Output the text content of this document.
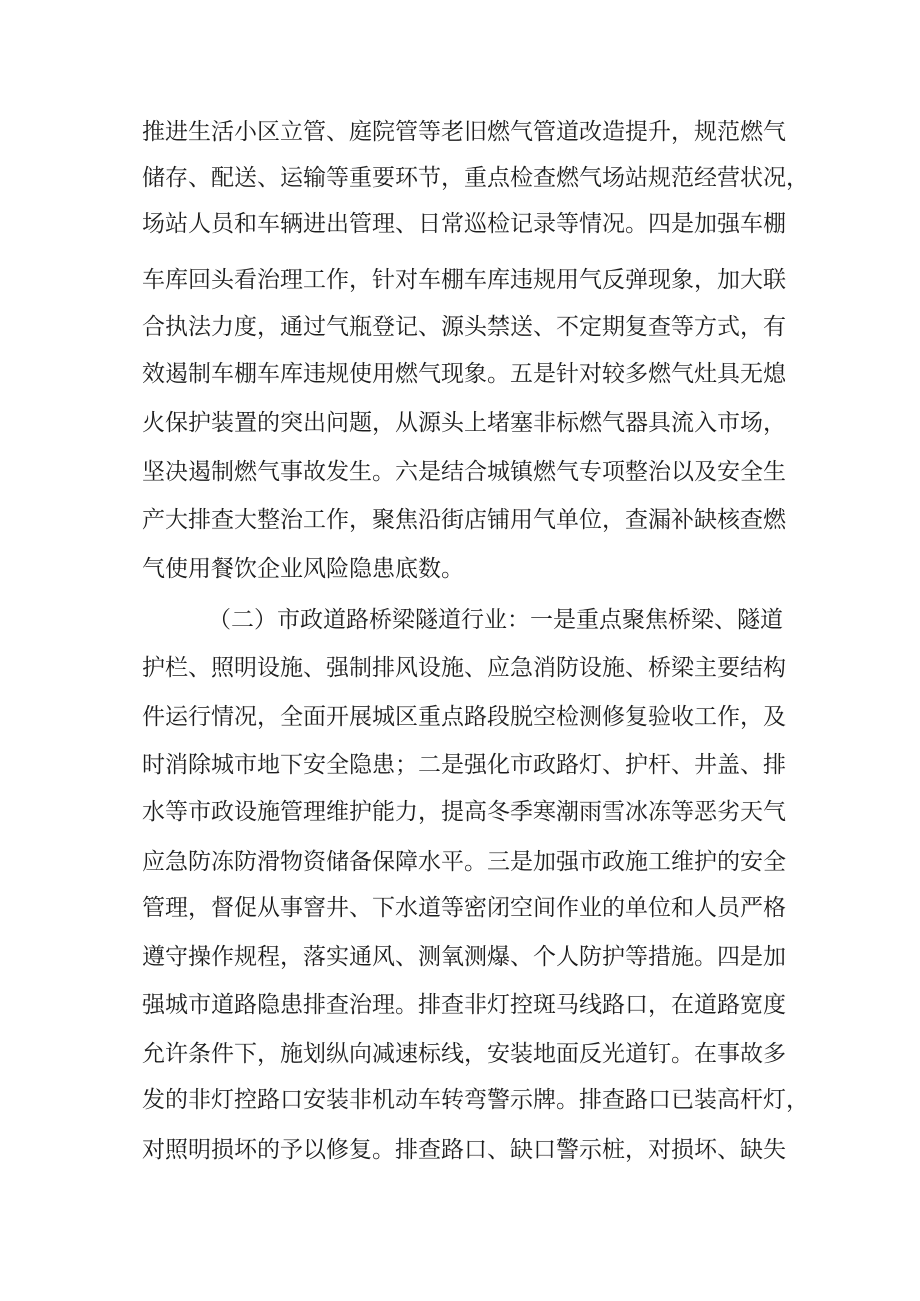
推进生活小区立管、庭院管等老旧燃气管道改造提升，规范燃气
储存、配送、运输等重要环节，重点检查燃气场站规范经营状况，
场站人员和车辆进出管理、日常巡检记录等情况。四是加强车棚
车库回头看治理工作，针对车棚车库违规用气反弹现象，加大联
合执法力度，通过气瓶登记、源头禁送、不定期复查等方式，有
效遏制车棚车库违规使用燃气现象。五是针对较多燃气灶具无熄
火保护装置的突出问题，从源头上堵塞非标燃气器具流入市场，
坚决遏制燃气事故发生。六是结合城镇燃气专项整治以及安全生
产大排查大整治工作，聚焦沿街店铺用气单位，查漏补缺核查燃
气使用餐饮企业风险隐患底数。
（二）市政道路桥梁隧道行业：一是重点聚焦桥梁、隧道
护栏、照明设施、强制排风设施、应急消防设施、桥梁主要结构
件运行情况，全面开展城区重点路段脱空检测修复验收工作，及
时消除城市地下安全隐患；二是强化市政路灯、护杆、井盖、排
水等市政设施管理维护能力，提高冬季寒潮雨雪冰冻等恶劣天气
应急防冻防滑物资储备保障水平。三是加强市政施工维护的安全
管理，督促从事窨井、下水道等密闭空间作业的单位和人员严格
遵守操作规程，落实通风、测氧测爆、个人防护等措施。四是加
强城市道路隐患排查治理。排查非灯控斑马线路口，在道路宽度
允许条件下，施划纵向减速标线，安装地面反光道钉。在事故多
发的非灯控路口安装非机动车转弯警示牌。排查路口已装高杆灯，
对照明损坏的予以修复。排查路口、缺口警示桩，对损坏、缺失
